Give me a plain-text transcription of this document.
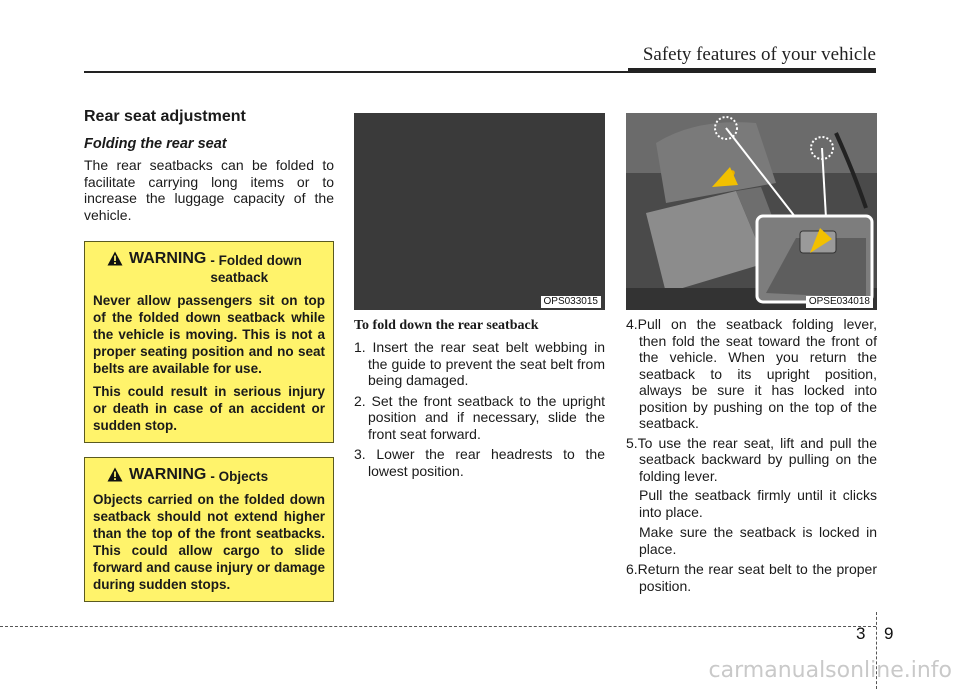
Safety features of your vehicle
Rear seat adjustment
Folding the rear seat

The rear seatbacks can be folded to facilitate carrying long items or to increase the luggage capacity of the vehicle.

WARNING - Folded down seatback

Never allow passengers sit on top of the folded down seatback while the vehicle is moving. This is not a proper seating position and no seat belts are available for use.

This could result in serious injury or death in case of an accident or sudden stop.

WARNING - Objects

Objects carried on the folded down seatback should not extend higher than the top of the front seatbacks. This could allow cargo to slide forward and cause injury or damage during sudden stops.

OPS033015	OPSE034018
To fold down the rear seatback
1. Insert the rear seat belt webbing in the guide to prevent the seat belt from being damaged.
2. Set the front seatback to the upright position and if necessary, slide the front seat forward.
3. Lower the rear headrests to the lowest position.
4.Pull on the seatback folding lever, then fold the seat toward the front of the vehicle. When you return the seatback to its upright position, always be sure it has locked into position by pushing on the top of the seatback.
5.To use the rear seat, lift and pull the seatback backward by pulling on the folding lever.

Pull the seatback firmly until it clicks into place.

Make sure the seatback is locked in place.

6.Return the rear seat belt to the proper position.
3 9
carmanualsonline.info
